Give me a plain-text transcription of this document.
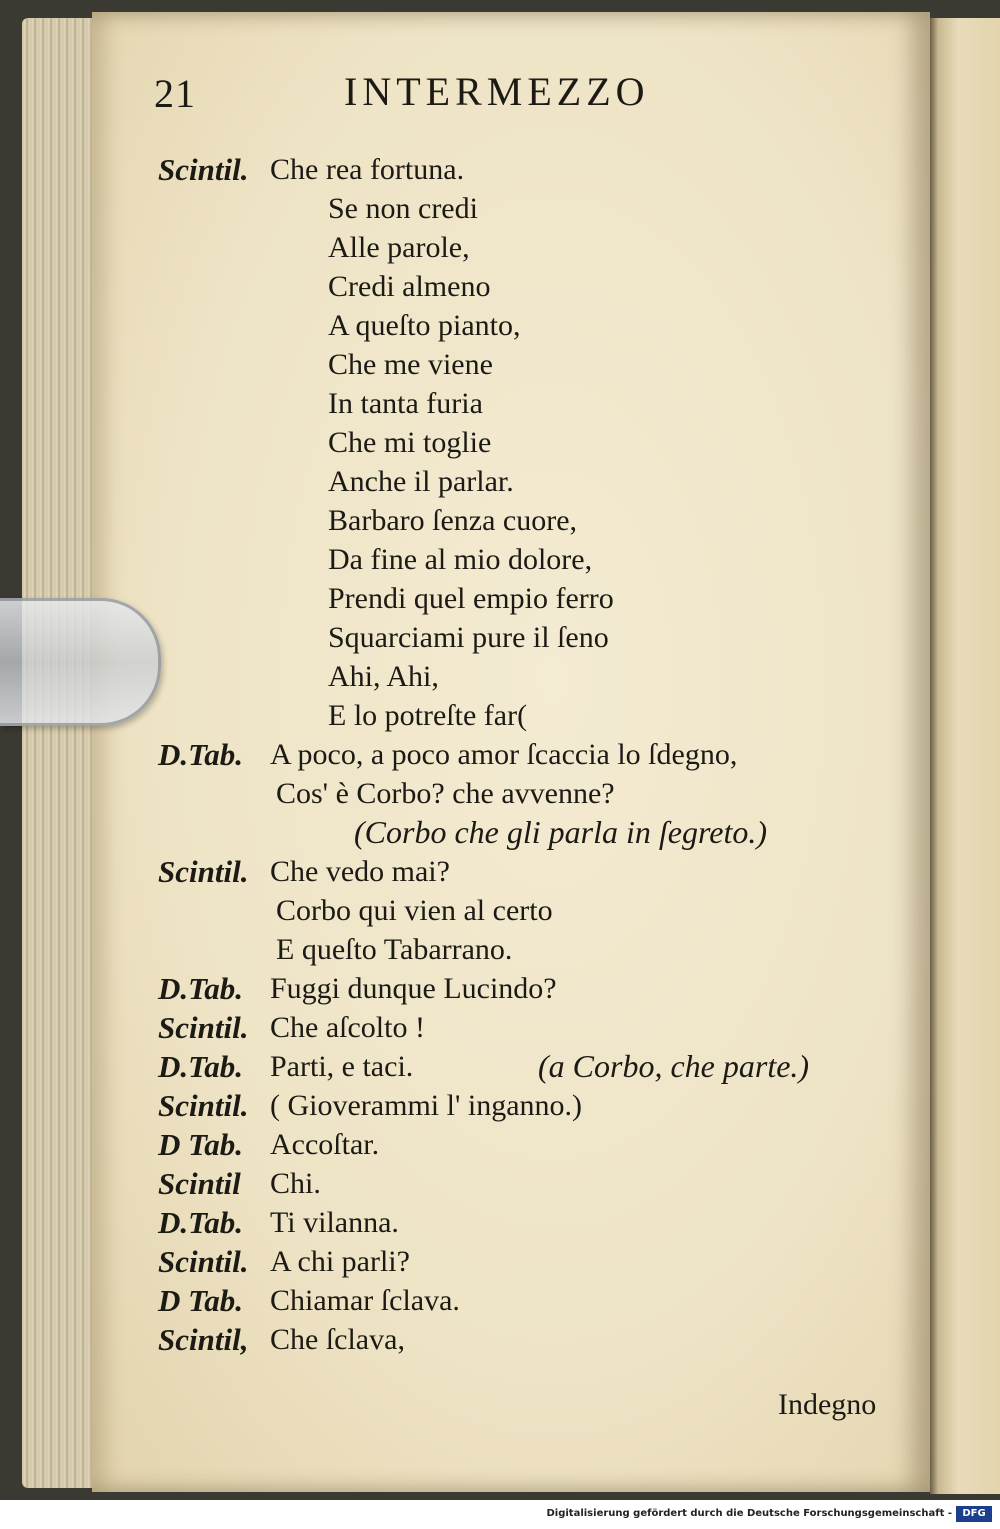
21	INTERMEZZO
Scintil. Che rea fortuna.
Se non credi
Alle parole,
Credi almeno
A queſto pianto,
Che me viene
In tanta furia
Che mi toglie
Anche il parlar.
Barbaro ſenza cuore,
Da fine al mio dolore,
Prendi quel empio ferro
Squarciami pure il ſeno
Ahi, Ahi,
E lo potreſte far(
D.Tab. A poco, a poco amor ſcaccia lo ſdegno,
Cos' è Corbo? che avvenne?
(Corbo che gli parla in ſegreto.)
Scintil. Che vedo mai?
Corbo qui vien al certo
E queſto Tabarrano.
D.Tab. Fuggi dunque Lucindo?
Scintil. Che aſcolto !
D.Tab. Parti, e taci.	(a Corbo, che parte.)
Scintil. ( Gioverammi l' inganno.)
D Tab. Accoſtar.
Scintil Chi.
D.Tab. Ti vilanna.
Scintil. A chi parli?
D Tab. Chiamar ſclava.
Scintil, Che ſclava,
Indegno
Digitalisierung gefördert durch die Deutsche Forschungsgemeinschaft -	DFG
